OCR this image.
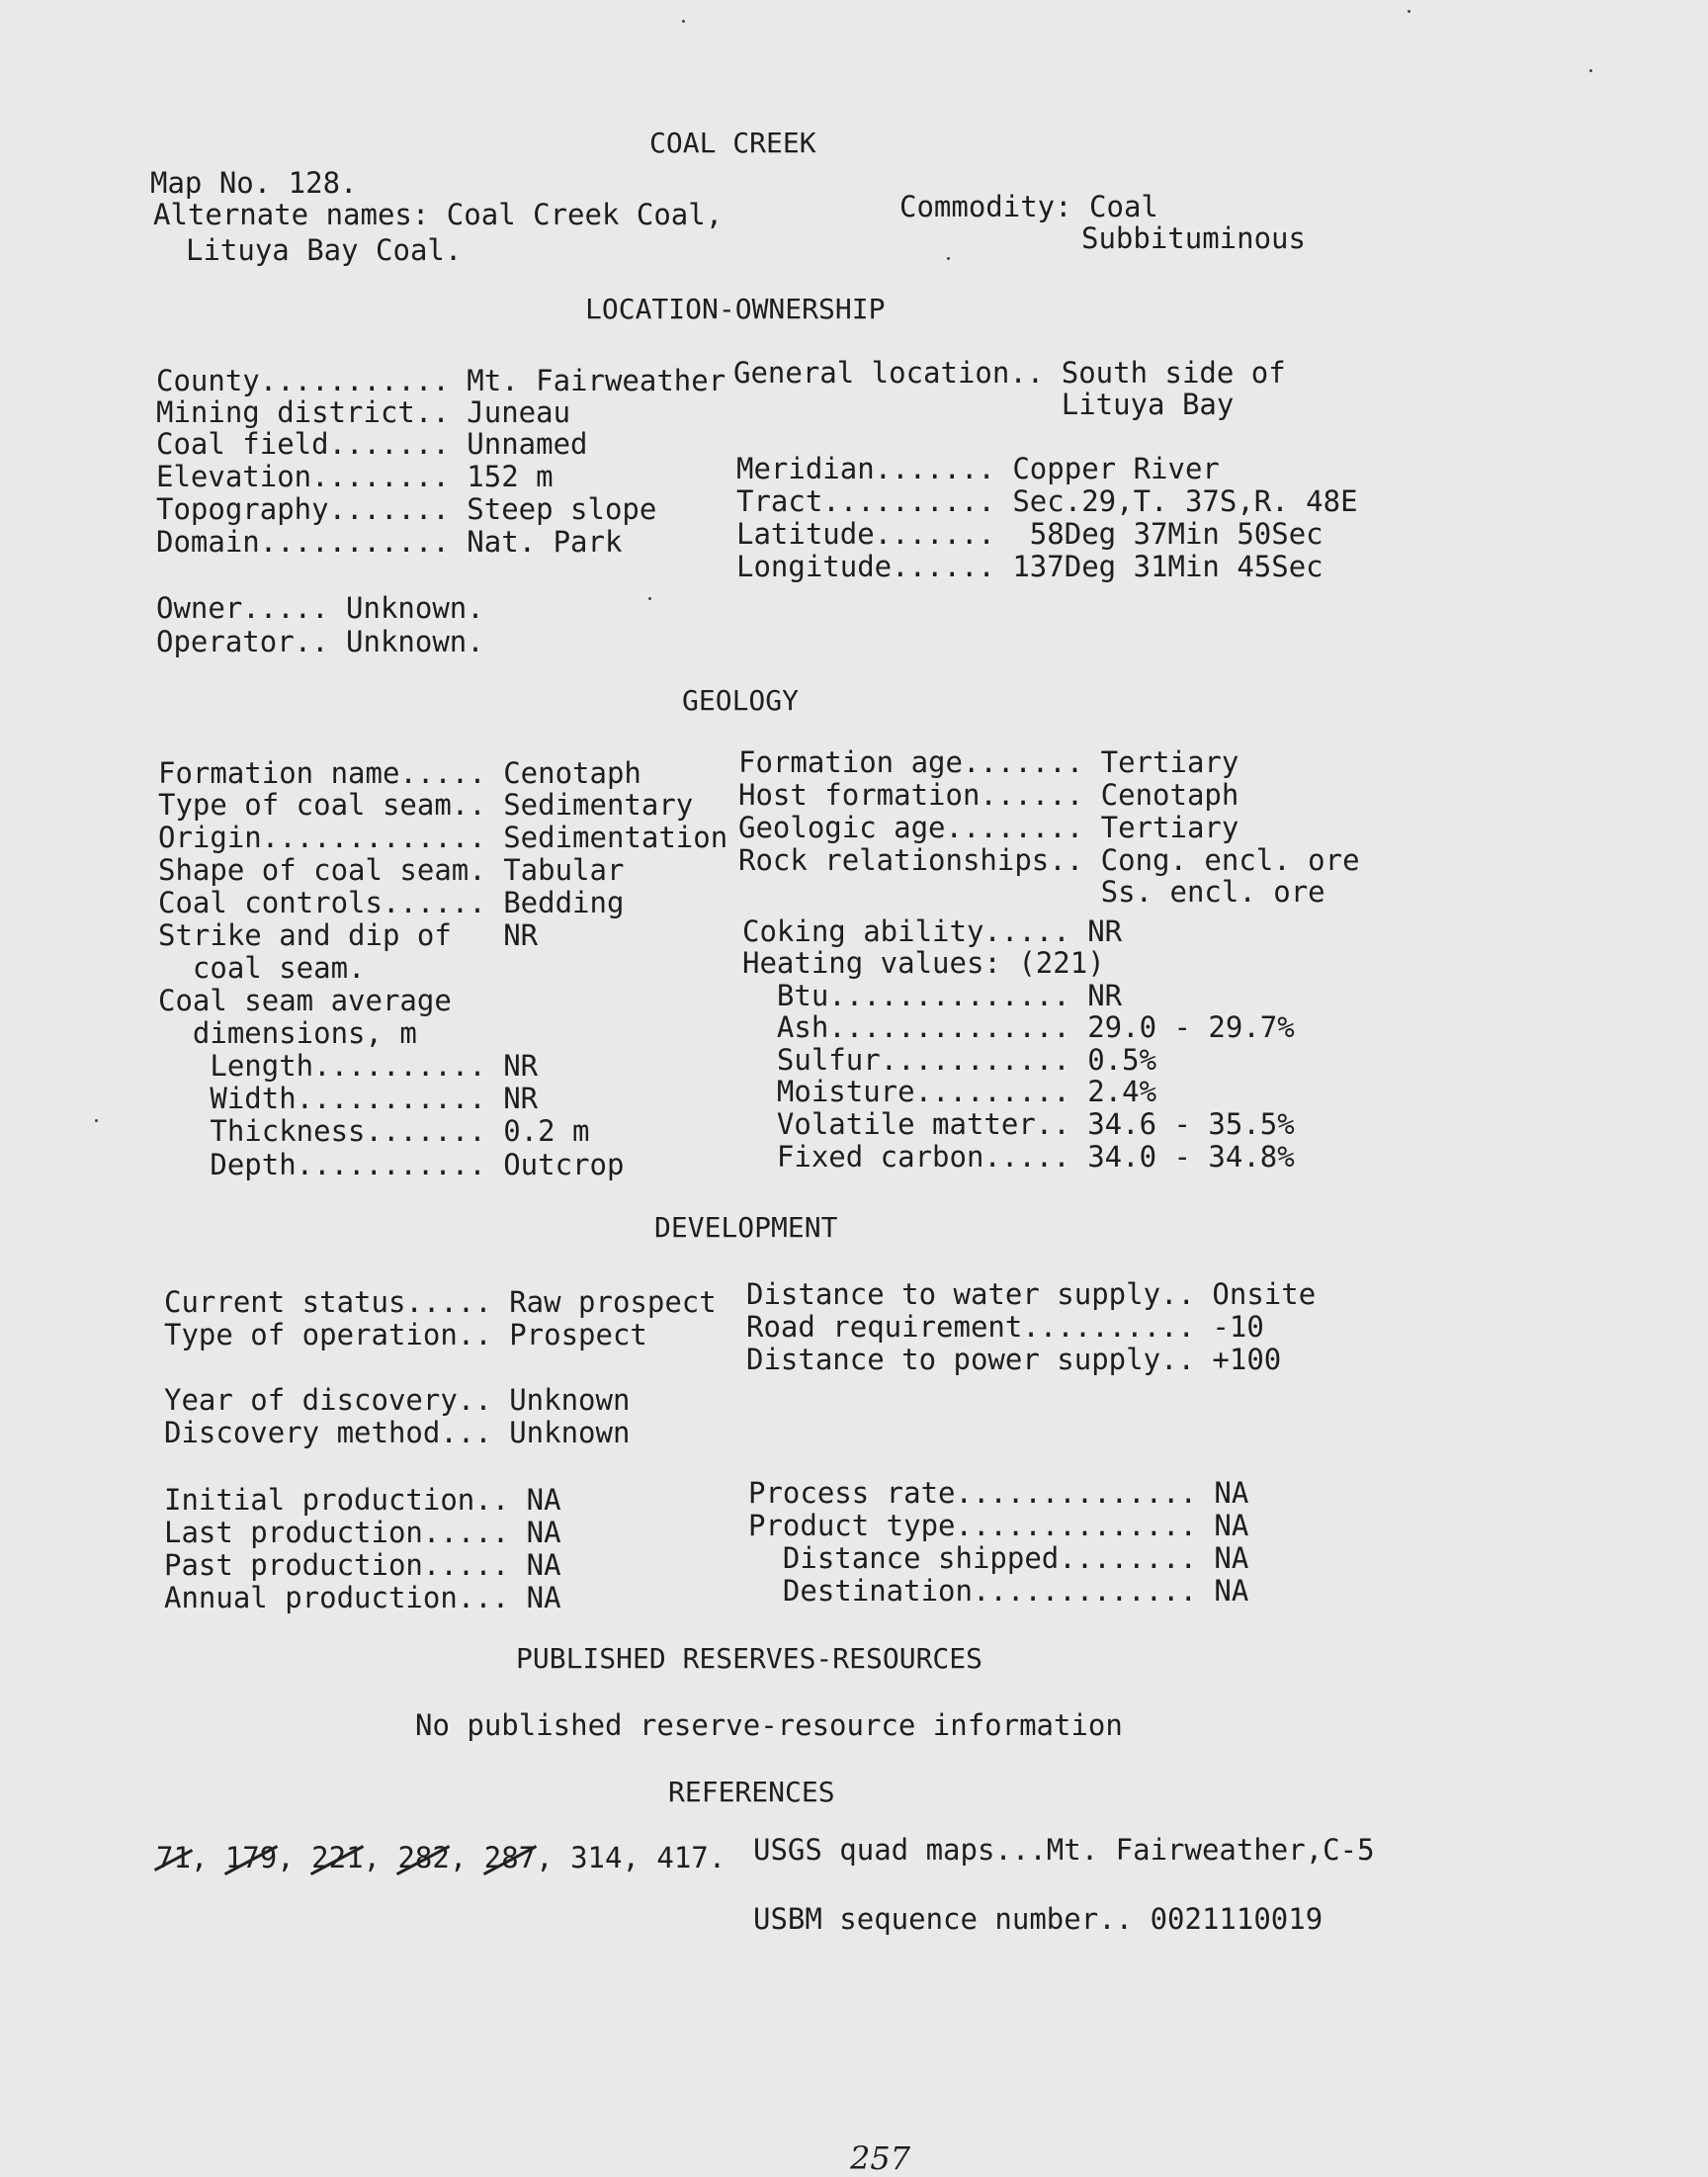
COAL CREEK
Map No. 128.
Alternate names: Coal Creek Coal,
Lituya Bay Coal.
Commodity: Coal
Subbituminous
LOCATION-OWNERSHIP
County........... Mt. Fairweather
Mining district.. Juneau
Coal field....... Unnamed
Elevation........ 152 m
Topography....... Steep slope
Domain........... Nat. Park
Owner..... Unknown.
Operator.. Unknown.
General location.. South side of
Lituya Bay
Meridian....... Copper River
Tract.......... Sec.29,T. 37S,R. 48E
Latitude.......  58Deg 37Min 50Sec
Longitude...... 137Deg 31Min 45Sec
GEOLOGY
Formation name..... Cenotaph
Type of coal seam.. Sedimentary
Origin............. Sedimentation
Shape of coal seam. Tabular
Coal controls...... Bedding
Strike and dip of   NR
coal seam.
Coal seam average
dimensions, m
Length.......... NR
Width........... NR
Thickness....... 0.2 m
Depth........... Outcrop
Formation age....... Tertiary
Host formation...... Cenotaph
Geologic age........ Tertiary
Rock relationships.. Cong. encl. ore
Ss. encl. ore
Coking ability..... NR
Heating values: (221)
Btu.............. NR
Ash.............. 29.0 - 29.7%
Sulfur........... 0.5%
Moisture......... 2.4%
Volatile matter.. 34.6 - 35.5%
Fixed carbon..... 34.0 - 34.8%
DEVELOPMENT
Current status..... Raw prospect
Type of operation.. Prospect
Year of discovery.. Unknown
Discovery method... Unknown
Initial production.. NA
Last production..... NA
Past production..... NA
Annual production... NA
Distance to water supply.. Onsite
Road requirement.......... -10
Distance to power supply.. +100
Process rate.............. NA
Product type.............. NA
Distance shipped........ NA
Destination............. NA
PUBLISHED RESERVES-RESOURCES
No published reserve-resource information
REFERENCES
71, 179, 221, 282, 287, 314, 417. USGS quad maps...Mt. Fairweather,C-5
USBM sequence number.. 0021110019
257
